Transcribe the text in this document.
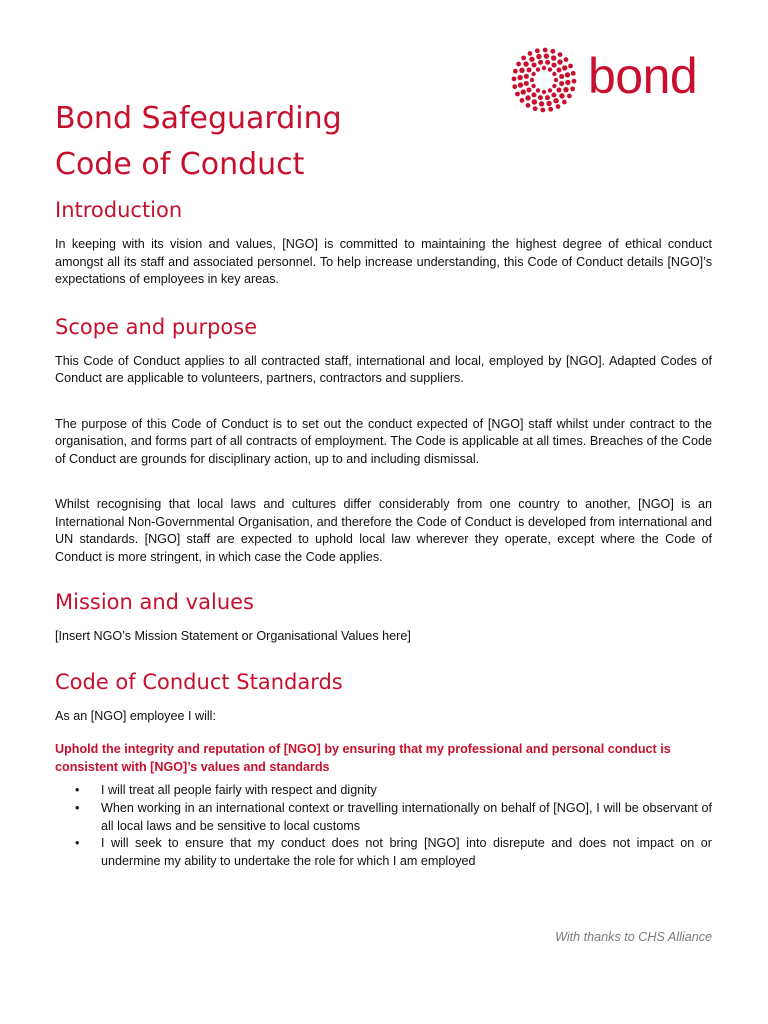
bond
Bond Safeguarding
Code of Conduct
Introduction

In keeping with its vision and values, [NGO] is committed to maintaining the highest degree of ethical conduct amongst all its staff and associated personnel. To help increase understanding, this Code of Conduct details [NGO]’s expectations of employees in key areas.

Scope and purpose

This Code of Conduct applies to all contracted staff, international and local, employed by [NGO]. Adapted Codes of Conduct are applicable to volunteers, partners, contractors and suppliers.

The purpose of this Code of Conduct is to set out the conduct expected of [NGO] staff whilst under contract to the organisation, and forms part of all contracts of employment. The Code is applicable at all times. Breaches of the Code of Conduct are grounds for disciplinary action, up to and including dismissal.

Whilst recognising that local laws and cultures differ considerably from one country to another, [NGO] is an International Non-Governmental Organisation, and therefore the Code of Conduct is developed from international and UN standards. [NGO] staff are expected to uphold local law wherever they operate, except where the Code of Conduct is more stringent, in which case the Code applies.

Mission and values

[Insert NGO’s Mission Statement or Organisational Values here]

Code of Conduct Standards

As an [NGO] employee I will:

Uphold the integrity and reputation of [NGO] by ensuring that my professional and personal conduct is consistent with [NGO]’s values and standards

• I will treat all people fairly with respect and dignity
• When working in an international context or travelling internationally on behalf of [NGO], I will be observant of all local laws and be sensitive to local customs
• I will seek to ensure that my conduct does not bring [NGO] into disrepute and does not impact on or undermine my ability to undertake the role for which I am employed
With thanks to CHS Alliance
